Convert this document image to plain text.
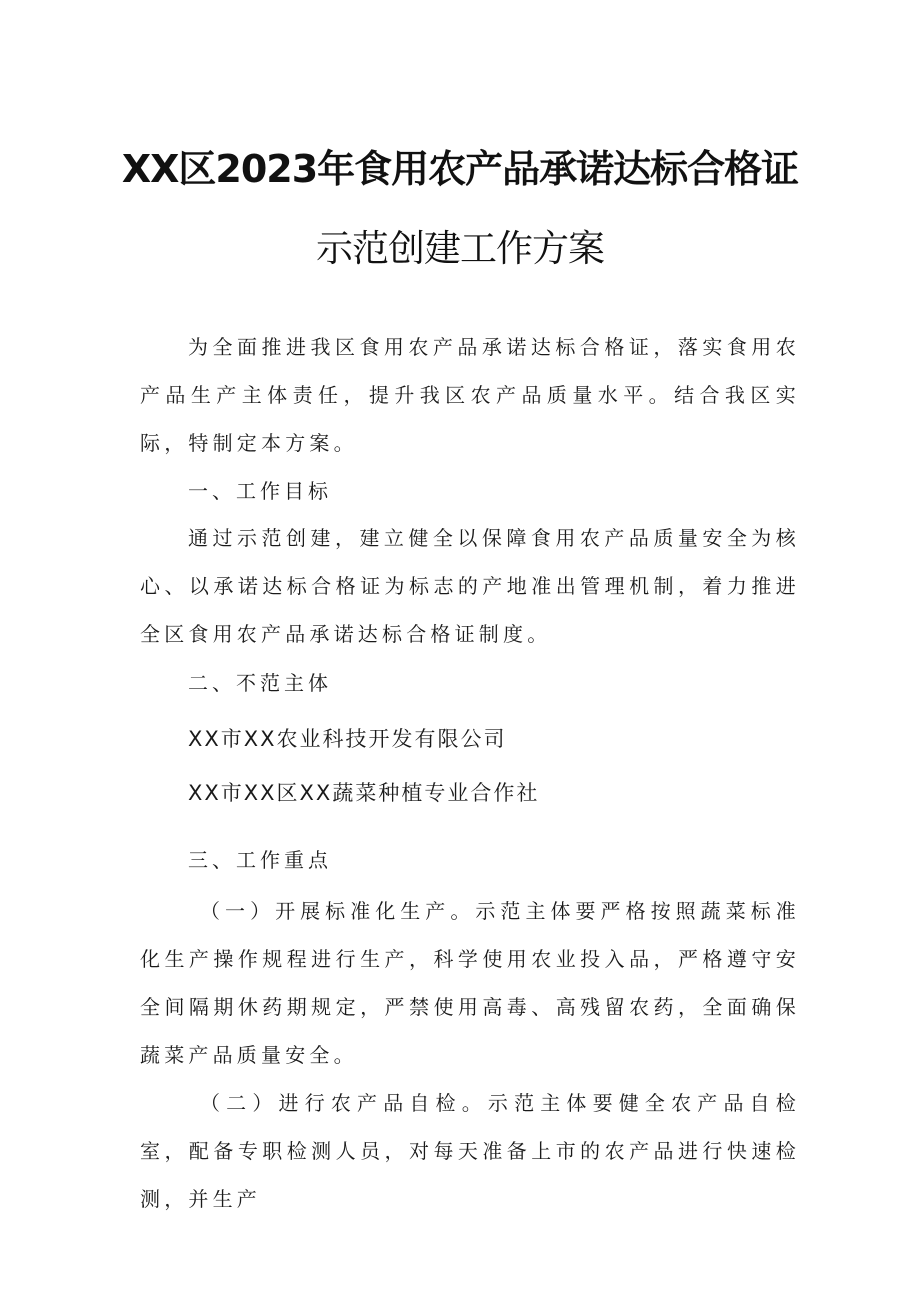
XX区2023年食用农产品承诺达标合格证
示范创建工作方案
为全面推进我区食用农产品承诺达标合格证，落实食用农产品生产主体责任，提升我区农产品质量水平。结合我区实际，特制定本方案。
一、工作目标
通过示范创建，建立健全以保障食用农产品质量安全为核心、以承诺达标合格证为标志的产地准出管理机制，着力推进全区食用农产品承诺达标合格证制度。
二、不范主体
XX市XX农业科技开发有限公司
XX市XX区XX蔬菜种植专业合作社
三、工作重点
（一）开展标准化生产。示范主体要严格按照蔬菜标准化生产操作规程进行生产，科学使用农业投入品，严格遵守安全间隔期休药期规定，严禁使用高毒、高残留农药，全面确保蔬菜产品质量安全。
（二）进行农产品自检。示范主体要健全农产品自检室，配备专职检测人员，对每天准备上市的农产品进行快速检测，并生产
